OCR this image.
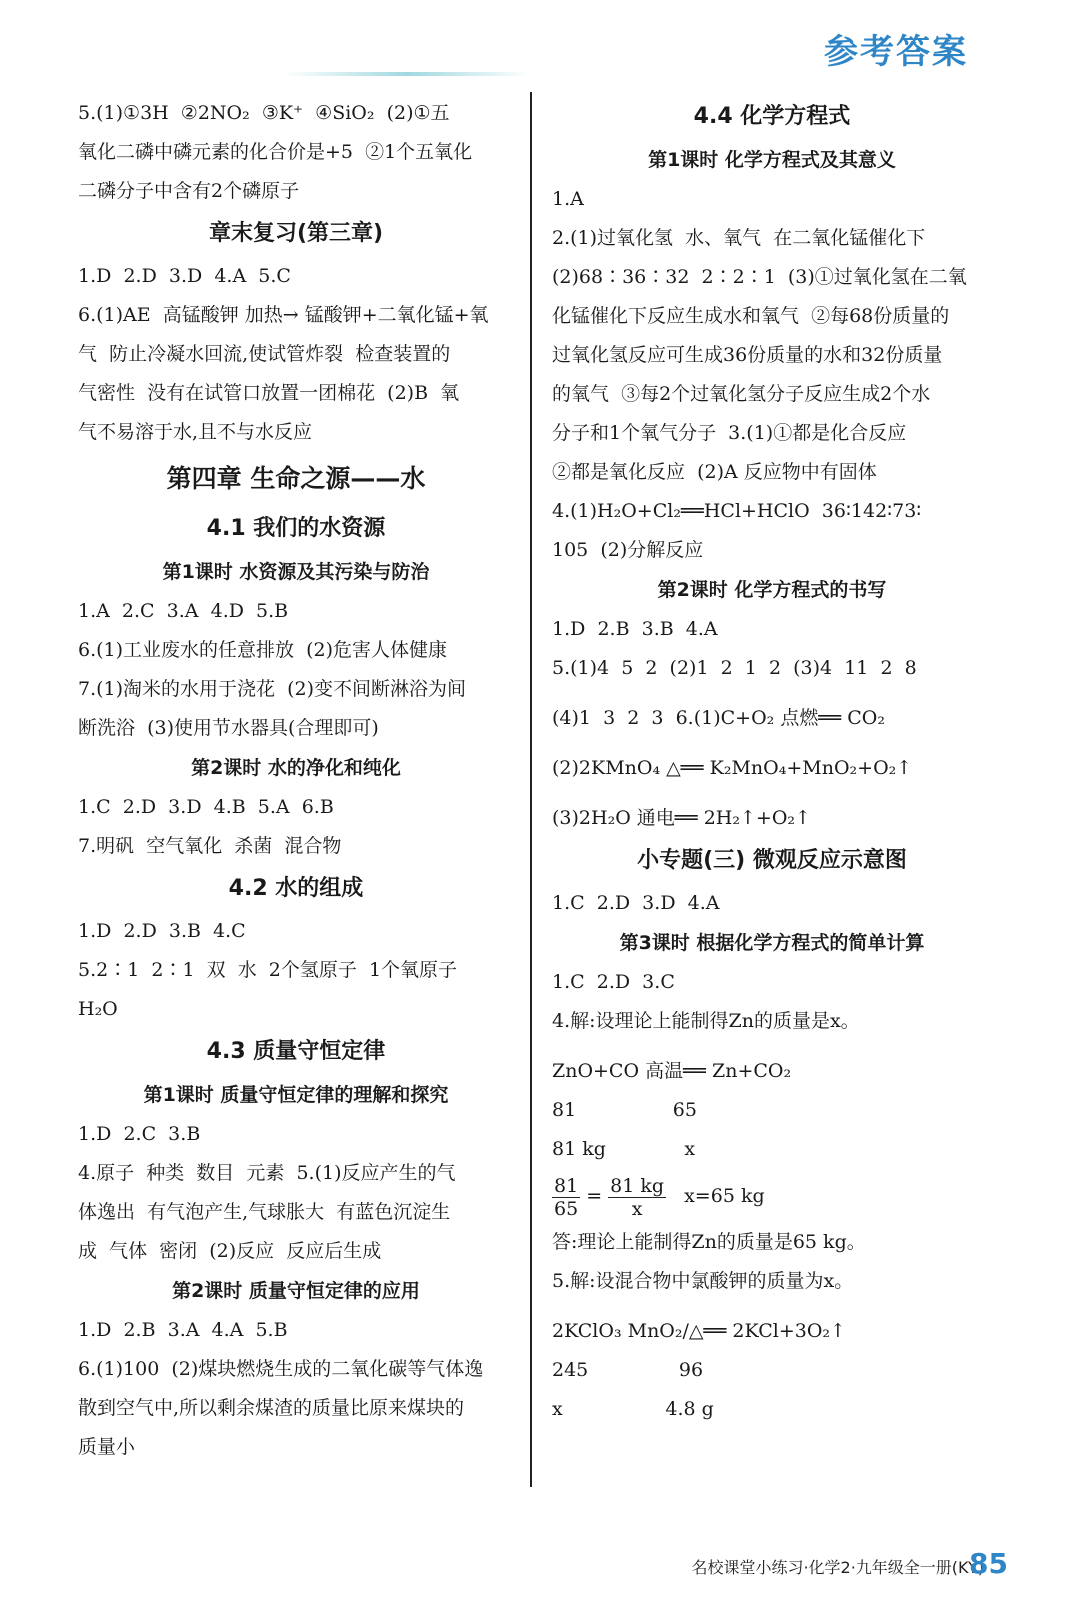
参考答案
5.(1)①3H  ②2NO₂  ③K⁺  ④SiO₂  (2)①五
氧化二磷中磷元素的化合价是+5  ②1个五氧化
二磷分子中含有2个磷原子
章末复习(第三章)
1.D  2.D  3.D  4.A  5.C
6.(1)AE  高锰酸钾 加热→ 锰酸钾+二氧化锰+氧
气  防止冷凝水回流,使试管炸裂  检查装置的
气密性  没有在试管口放置一团棉花  (2)B  氧
气不易溶于水,且不与水反应
第四章 生命之源——水
4.1 我们的水资源
第1课时 水资源及其污染与防治
1.A  2.C  3.A  4.D  5.B
6.(1)工业废水的任意排放  (2)危害人体健康
7.(1)淘米的水用于浇花  (2)变不间断淋浴为间
断洗浴  (3)使用节水器具(合理即可)
第2课时 水的净化和纯化
1.C  2.D  3.D  4.B  5.A  6.B
7.明矾  空气氧化  杀菌  混合物
4.2 水的组成
1.D  2.D  3.B  4.C
5.2∶1  2∶1  双  水  2个氢原子  1个氧原子
H₂O
4.3 质量守恒定律
第1课时 质量守恒定律的理解和探究
1.D  2.C  3.B
4.原子  种类  数目  元素  5.(1)反应产生的气
体逸出  有气泡产生,气球胀大  有蓝色沉淀生
成  气体  密闭  (2)反应  反应后生成
第2课时 质量守恒定律的应用
1.D  2.B  3.A  4.A  5.B
6.(1)100  (2)煤块燃烧生成的二氧化碳等气体逸
散到空气中,所以剩余煤渣的质量比原来煤块的
质量小
4.4 化学方程式
第1课时 化学方程式及其意义
1.A
2.(1)过氧化氢  水、氧气  在二氧化锰催化下
(2)68∶36∶32  2∶2∶1  (3)①过氧化氢在二氧
化锰催化下反应生成水和氧气  ②每68份质量的
过氧化氢反应可生成36份质量的水和32份质量
的氧气  ③每2个过氧化氢分子反应生成2个水
分子和1个氧气分子  3.(1)①都是化合反应
②都是氧化反应  (2)A 反应物中有固体
4.(1)H₂O+Cl₂══HCl+HClO  36∶142∶73∶
105  (2)分解反应
第2课时 化学方程式的书写
1.D  2.B  3.B  4.A
5.(1)4  5  2  (2)1  2  1  2  (3)4  11  2  8
(4)1  3  2  3  6.(1)C+O₂ 点燃══ CO₂
(2)2KMnO₄ △══ K₂MnO₄+MnO₂+O₂↑
(3)2H₂O 通电══ 2H₂↑+O₂↑
小专题(三) 微观反应示意图
1.C  2.D  3.D  4.A
第3课时 根据化学方程式的简单计算
1.C  2.D  3.C
4.解:设理论上能制得Zn的质量是x。
ZnO+CO 高温══ Zn+CO₂
81                65
81 kg             x
$\frac{81}{65} = \frac{81 kg}{x} x=65$ kg
答:理论上能制得Zn的质量是65 kg。
5.解:设混合物中氯酸钾的质量为x。
2KClO₃ MnO₂/△══ 2KCl+3O₂↑
245               96
x                 4.8 g
名校课堂小练习·化学2·九年级全一册(KY)
85
